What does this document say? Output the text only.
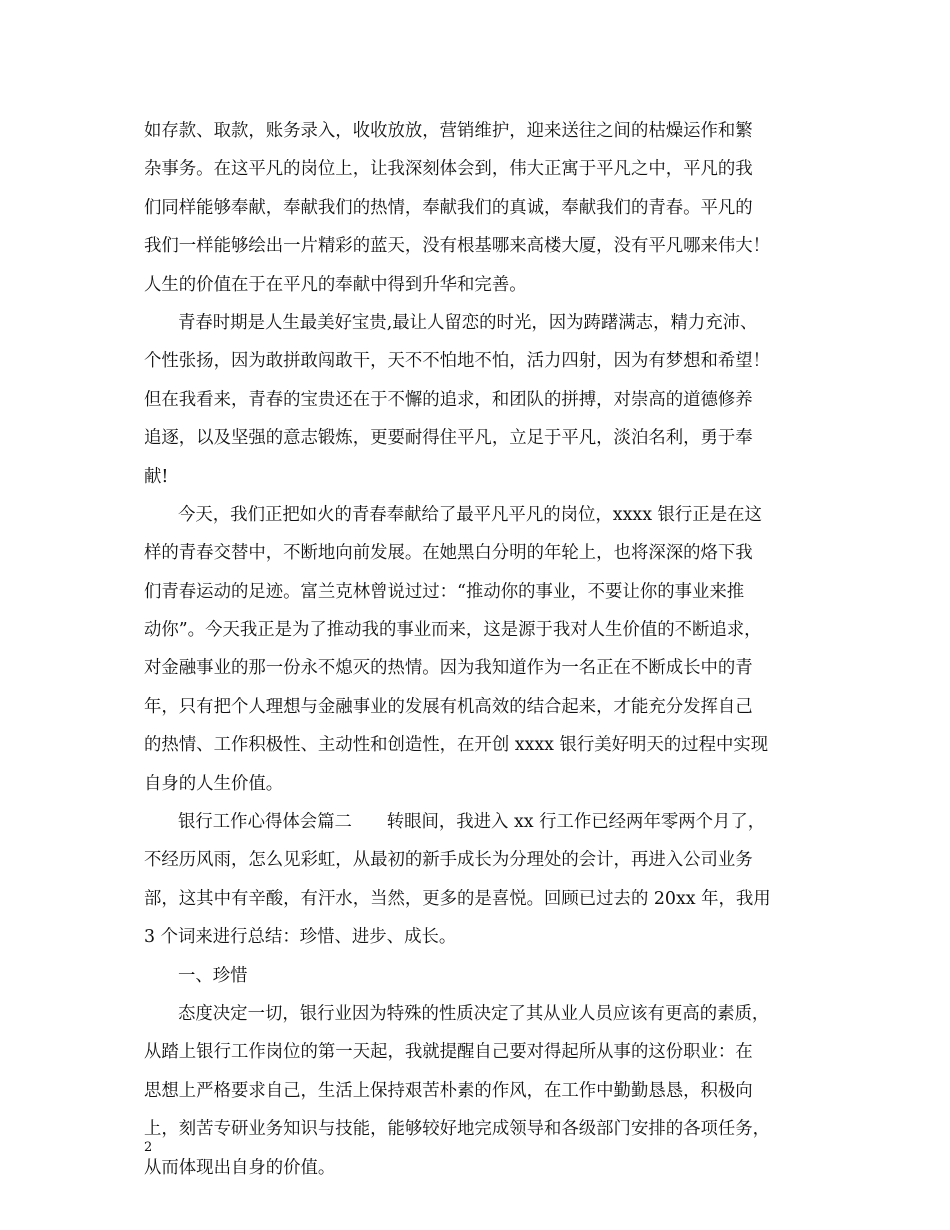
如存款、取款，账务录入，收收放放，营销维护，迎来送往之间的枯燥运作和繁
杂事务。在这平凡的岗位上，让我深刻体会到，伟大正寓于平凡之中，平凡的我
们同样能够奉献，奉献我们的热情，奉献我们的真诚，奉献我们的青春。平凡的
我们一样能够绘出一片精彩的蓝天，没有根基哪来高楼大厦，没有平凡哪来伟大！
人生的价值在于在平凡的奉献中得到升华和完善。
青春时期是人生最美好宝贵,最让人留恋的时光，因为踌躇满志，精力充沛、
个性张扬，因为敢拼敢闯敢干，天不不怕地不怕，活力四射，因为有梦想和希望！
但在我看来，青春的宝贵还在于不懈的追求，和团队的拼搏，对崇高的道德修养
追逐，以及坚强的意志锻炼，更要耐得住平凡，立足于平凡，淡泊名利，勇于奉
献!
今天，我们正把如火的青春奉献给了最平凡平凡的岗位，xxxx 银行正是在这
样的青春交替中，不断地向前发展。在她黑白分明的年轮上，也将深深的烙下我
们青春运动的足迹。富兰克林曾说过过：“推动你的事业，不要让你的事业来推
动你”。今天我正是为了推动我的事业而来，这是源于我对人生价值的不断追求，
对金融事业的那一份永不熄灭的热情。因为我知道作为一名正在不断成长中的青
年，只有把个人理想与金融事业的发展有机高效的结合起来，才能充分发挥自己
的热情、工作积极性、主动性和创造性，在开创 xxxx 银行美好明天的过程中实现
自身的人生价值。
银行工作心得体会篇二　　转眼间，我进入 xx 行工作已经两年零两个月了，
不经历风雨，怎么见彩虹，从最初的新手成长为分理处的会计，再进入公司业务
部，这其中有辛酸，有汗水，当然，更多的是喜悦。回顾已过去的 20xx 年，我用
3 个词来进行总结：珍惜、进步、成长。
一、珍惜
态度决定一切，银行业因为特殊的性质决定了其从业人员应该有更高的素质，
从踏上银行工作岗位的第一天起，我就提醒自己要对得起所从事的这份职业：在
思想上严格要求自己，生活上保持艰苦朴素的作风，在工作中勤勤恳恳，积极向
上，刻苦专研业务知识与技能，能够较好地完成领导和各级部门安排的各项任务，
从而体现出自身的价值。
2
